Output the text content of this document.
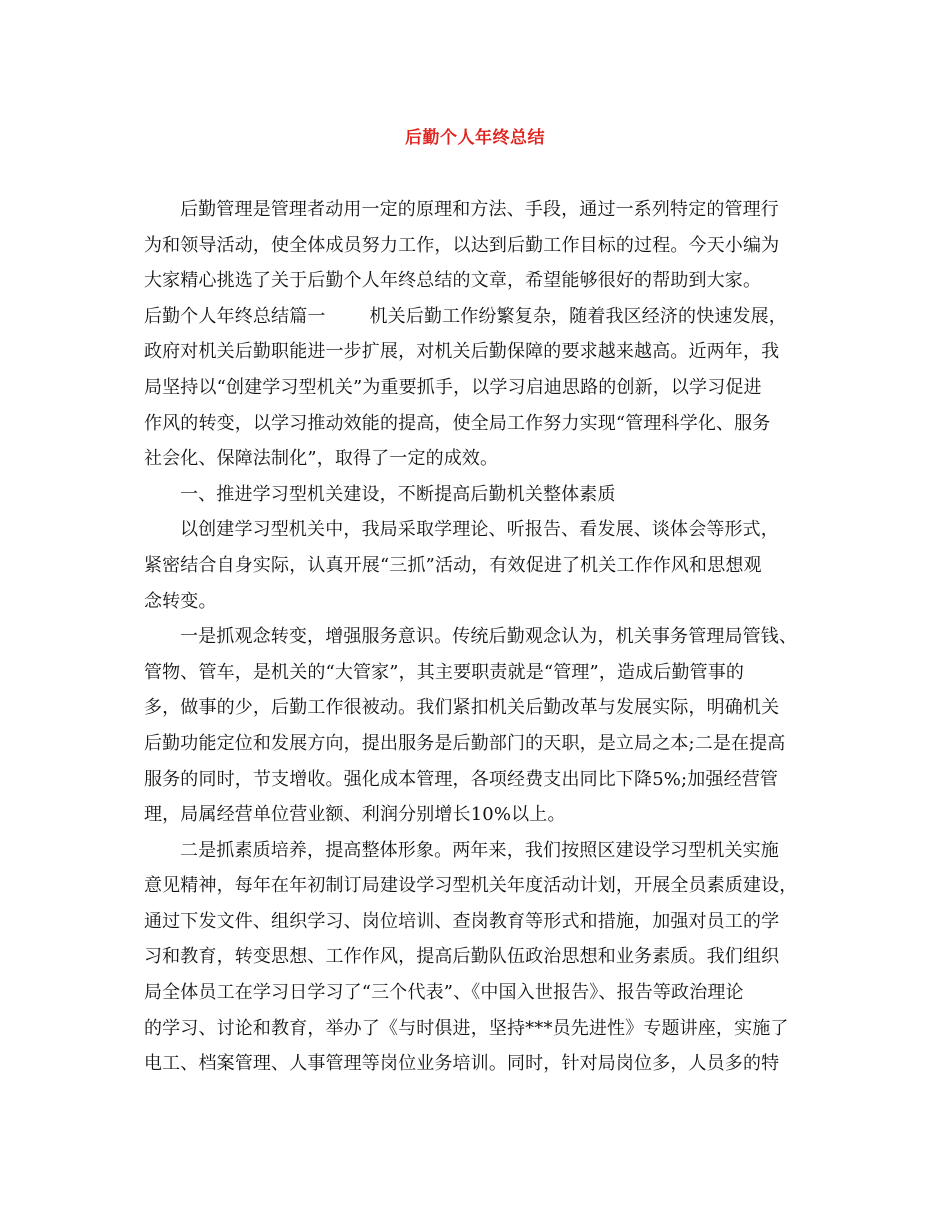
后勤个人年终总结
后勤管理是管理者动用一定的原理和方法、手段，通过一系列特定的管理行
为和领导活动，使全体成员努力工作，以达到后勤工作目标的过程。今天小编为
大家精心挑选了关于后勤个人年终总结的文章，希望能够很好的帮助到大家。
后勤个人年终总结篇一 机关后勤工作纷繁复杂，随着我区经济的快速发展，
政府对机关后勤职能进一步扩展，对机关后勤保障的要求越来越高。近两年，我
局坚持以“创建学习型机关”为重要抓手，以学习启迪思路的创新，以学习促进
作风的转变，以学习推动效能的提高，使全局工作努力实现“管理科学化、服务
社会化、保障法制化”，取得了一定的成效。
一、推进学习型机关建设，不断提高后勤机关整体素质
以创建学习型机关中，我局采取学理论、听报告、看发展、谈体会等形式，
紧密结合自身实际，认真开展“三抓”活动，有效促进了机关工作作风和思想观
念转变。
一是抓观念转变，增强服务意识。传统后勤观念认为，机关事务管理局管钱、
管物、管车，是机关的“大管家”，其主要职责就是“管理”，造成后勤管事的
多，做事的少，后勤工作很被动。我们紧扣机关后勤改革与发展实际，明确机关
后勤功能定位和发展方向，提出服务是后勤部门的天职，是立局之本;二是在提高
服务的同时，节支增收。强化成本管理，各项经费支出同比下降5%;加强经营管
理，局属经营单位营业额、利润分别增长10%以上。
二是抓素质培养，提高整体形象。两年来，我们按照区建设学习型机关实施
意见精神，每年在年初制订局建设学习型机关年度活动计划，开展全员素质建设，
通过下发文件、组织学习、岗位培训、查岗教育等形式和措施，加强对员工的学
习和教育，转变思想、工作作风，提高后勤队伍政治思想和业务素质。我们组织
局全体员工在学习日学习了“三个代表”、《中国入世报告》、报告等政治理论
的学习、讨论和教育，举办了《与时俱进，坚持***员先进性》专题讲座，实施了
电工、档案管理、人事管理等岗位业务培训。同时，针对局岗位多，人员多的特
